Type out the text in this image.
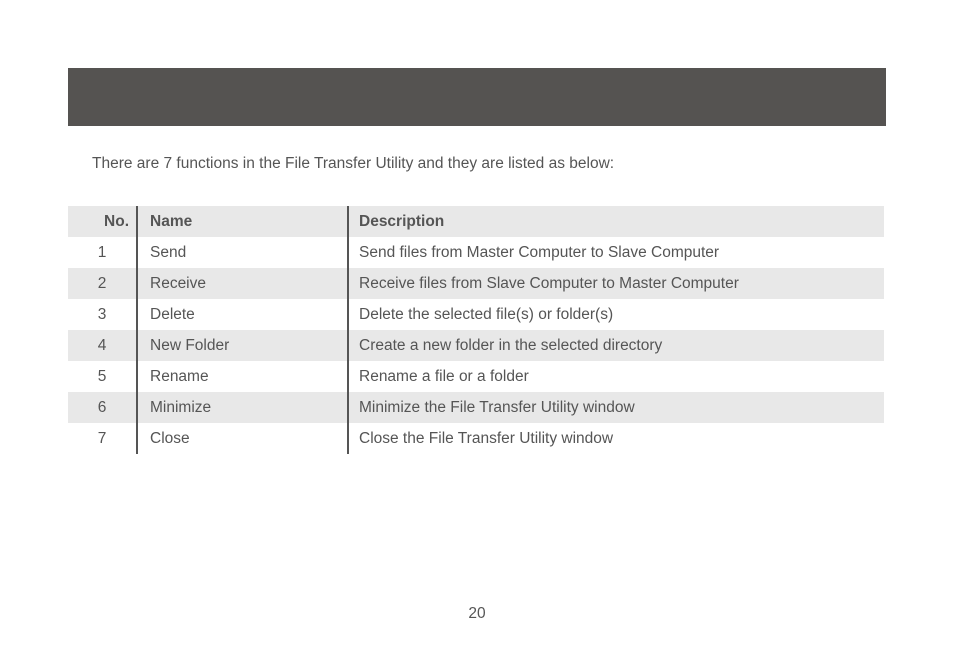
There are 7 functions in the File Transfer Utility and they are listed as below:
No.	Name	Description
1	Send	Send files from Master Computer to Slave Computer
2	Receive	Receive files from Slave Computer to Master Computer
3	Delete	Delete the selected file(s) or folder(s)
4	New Folder	Create a new folder in the selected directory
5	Rename	Rename a file or a folder
6	Minimize	Minimize the File Transfer Utility window
7	Close	Close the File Transfer Utility window
20
